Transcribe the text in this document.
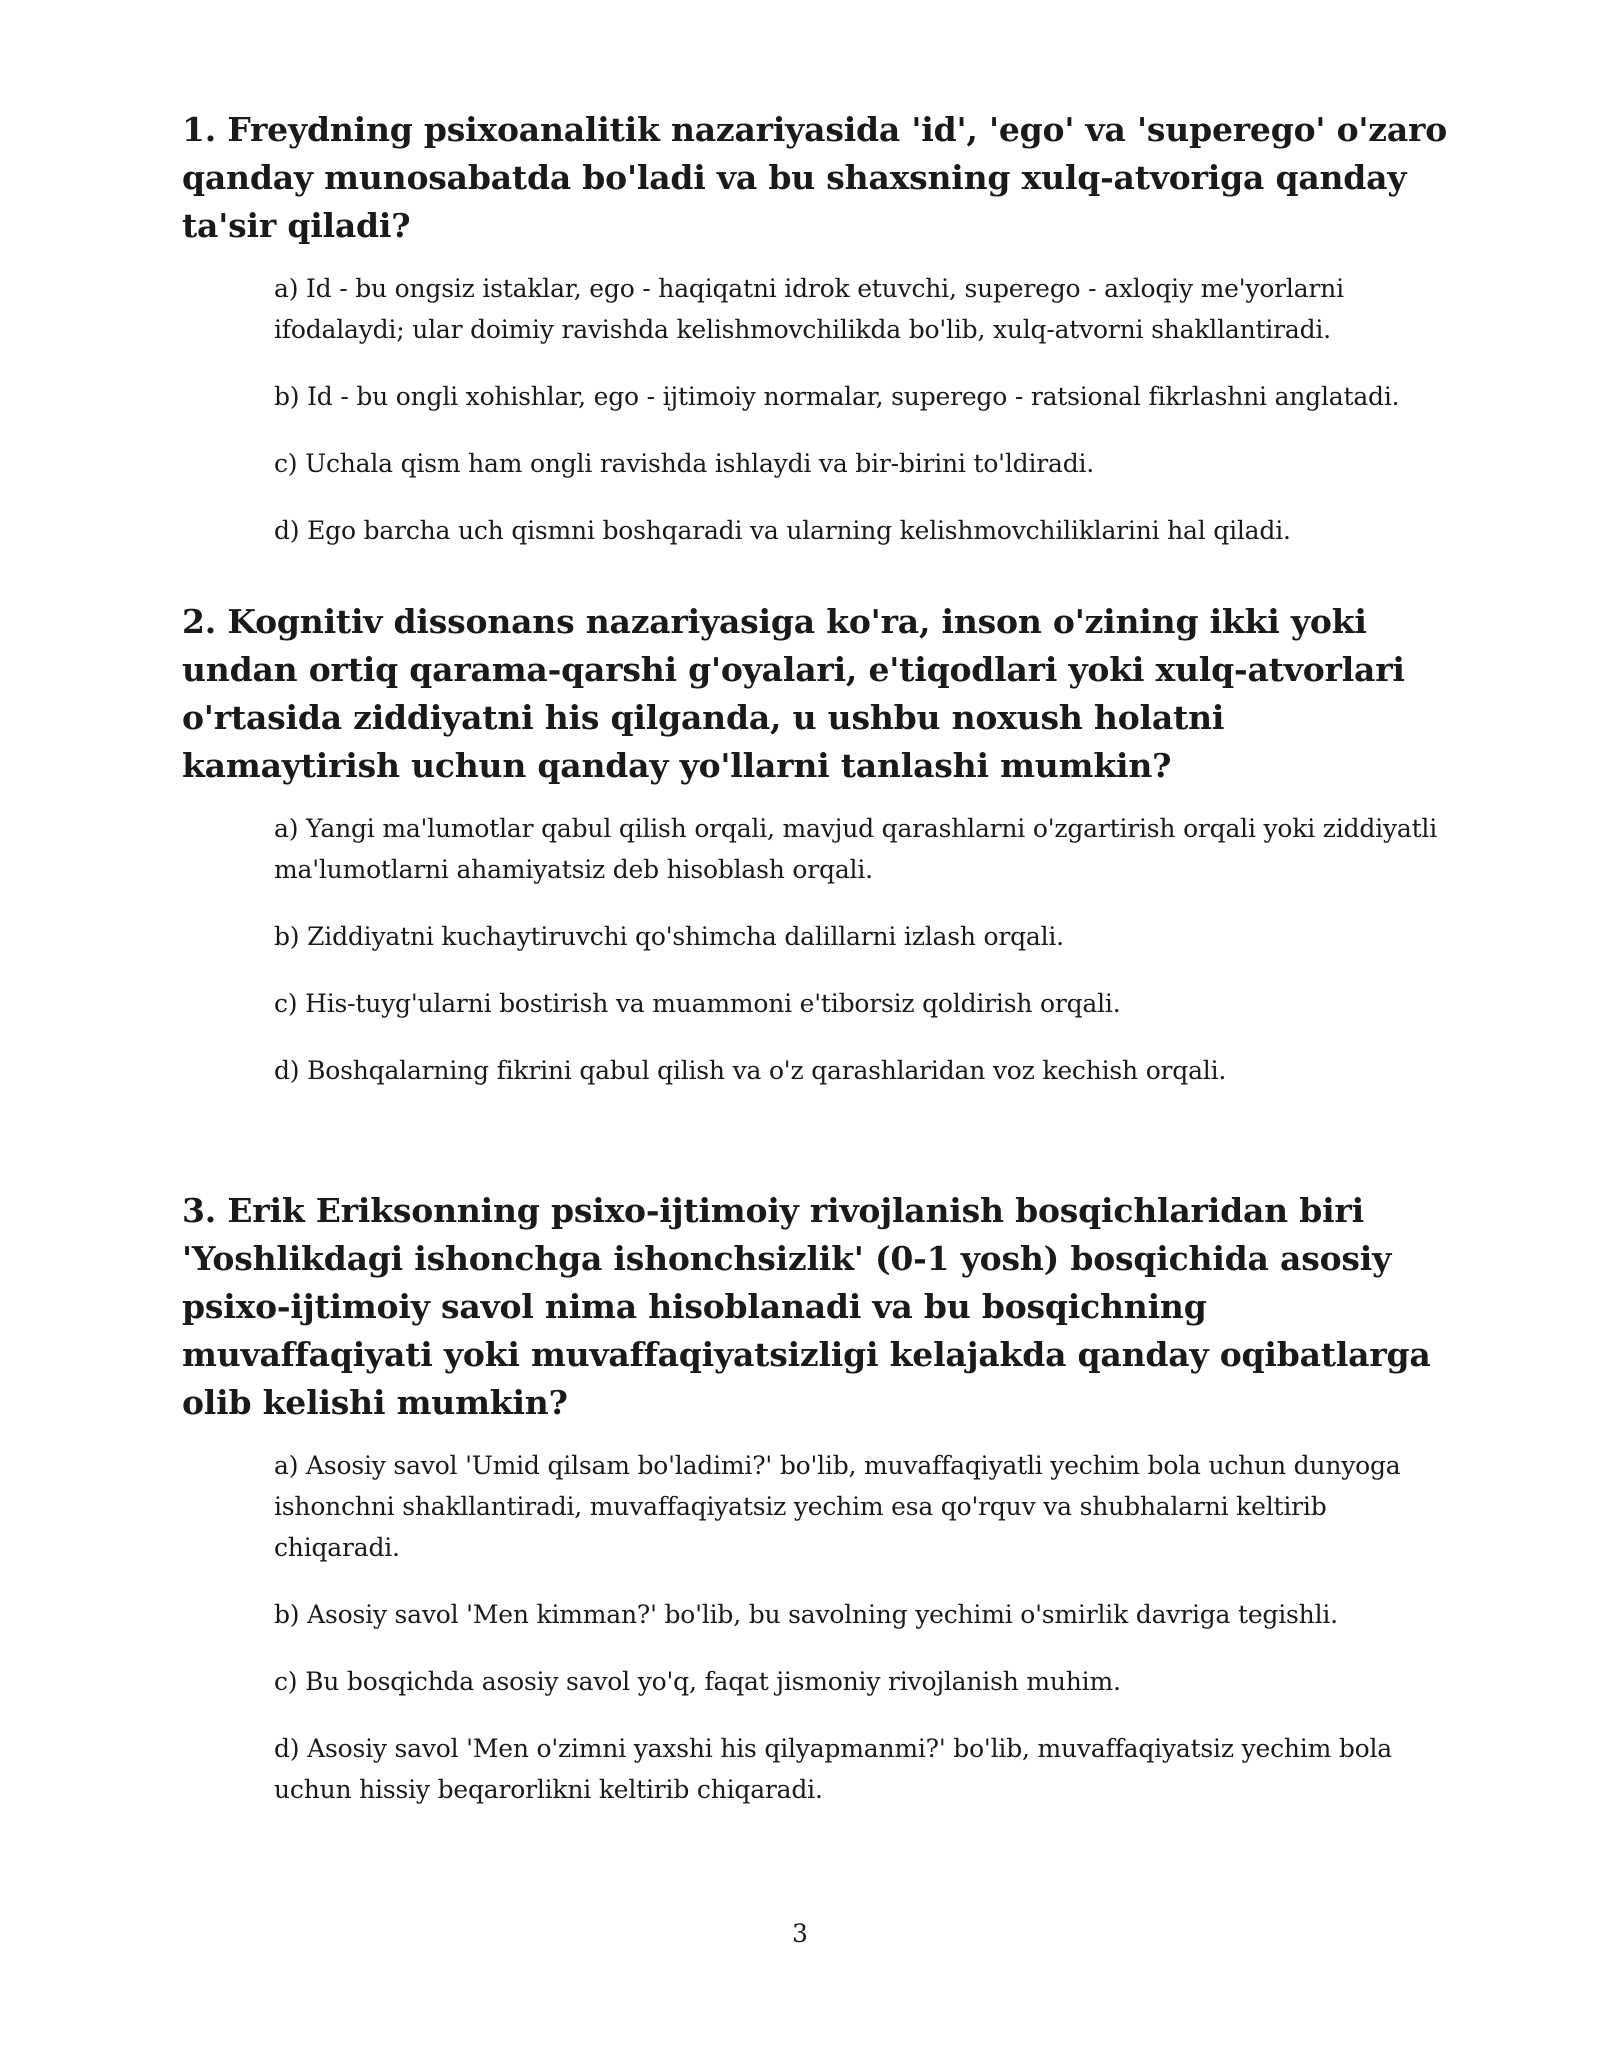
1. Freydning psixoanalitik nazariyasida 'id', 'ego' va 'superego' o'zaro qanday munosabatda bo'ladi va bu shaxsning xulq-atvoriga qanday ta'sir qiladi?
a) Id - bu ongsiz istaklar, ego - haqiqatni idrok etuvchi, superego - axloqiy me'yorlarni ifodalaydi; ular doimiy ravishda kelishmovchilikda bo'lib, xulq-atvorni shakllantiradi.
b) Id - bu ongli xohishlar, ego - ijtimoiy normalar, superego - ratsional fikrlashni anglatadi.
c) Uchala qism ham ongli ravishda ishlaydi va bir-birini to'ldiradi.
d) Ego barcha uch qismni boshqaradi va ularning kelishmovchiliklarini hal qiladi.
2. Kognitiv dissonans nazariyasiga ko'ra, inson o'zining ikki yoki undan ortiq qarama-qarshi g'oyalari, e'tiqodlari yoki xulq-atvorlari o'rtasida ziddiyatni his qilganda, u ushbu noxush holatni kamaytirish uchun qanday yo'llarni tanlashi mumkin?
a) Yangi ma'lumotlar qabul qilish orqali, mavjud qarashlarni o'zgartirish orqali yoki ziddiyatli ma'lumotlarni ahamiyatsiz deb hisoblash orqali.
b) Ziddiyatni kuchaytiruvchi qo'shimcha dalillarni izlash orqali.
c) His-tuyg'ularni bostirish va muammoni e'tiborsiz qoldirish orqali.
d) Boshqalarning fikrini qabul qilish va o'z qarashlaridan voz kechish orqali.
3. Erik Eriksonning psixo-ijtimoiy rivojlanish bosqichlaridan biri 'Yoshlikdagi ishonchga ishonchsizlik' (0-1 yosh) bosqichida asosiy psixo-ijtimoiy savol nima hisoblanadi va bu bosqichning muvaffaqiyati yoki muvaffaqiyatsizligi kelajakda qanday oqibatlarga olib kelishi mumkin?
a) Asosiy savol 'Umid qilsam bo'ladimi?' bo'lib, muvaffaqiyatli yechim bola uchun dunyoga ishonchni shakllantiradi, muvaffaqiyatsiz yechim esa qo'rquv va shubhalarni keltirib chiqaradi.
b) Asosiy savol 'Men kimman?' bo'lib, bu savolning yechimi o'smirlik davriga tegishli.
c) Bu bosqichda asosiy savol yo'q, faqat jismoniy rivojlanish muhim.
d) Asosiy savol 'Men o'zimni yaxshi his qilyapmanmi?' bo'lib, muvaffaqiyatsiz yechim bola uchun hissiy beqarorlikni keltirib chiqaradi.
3
